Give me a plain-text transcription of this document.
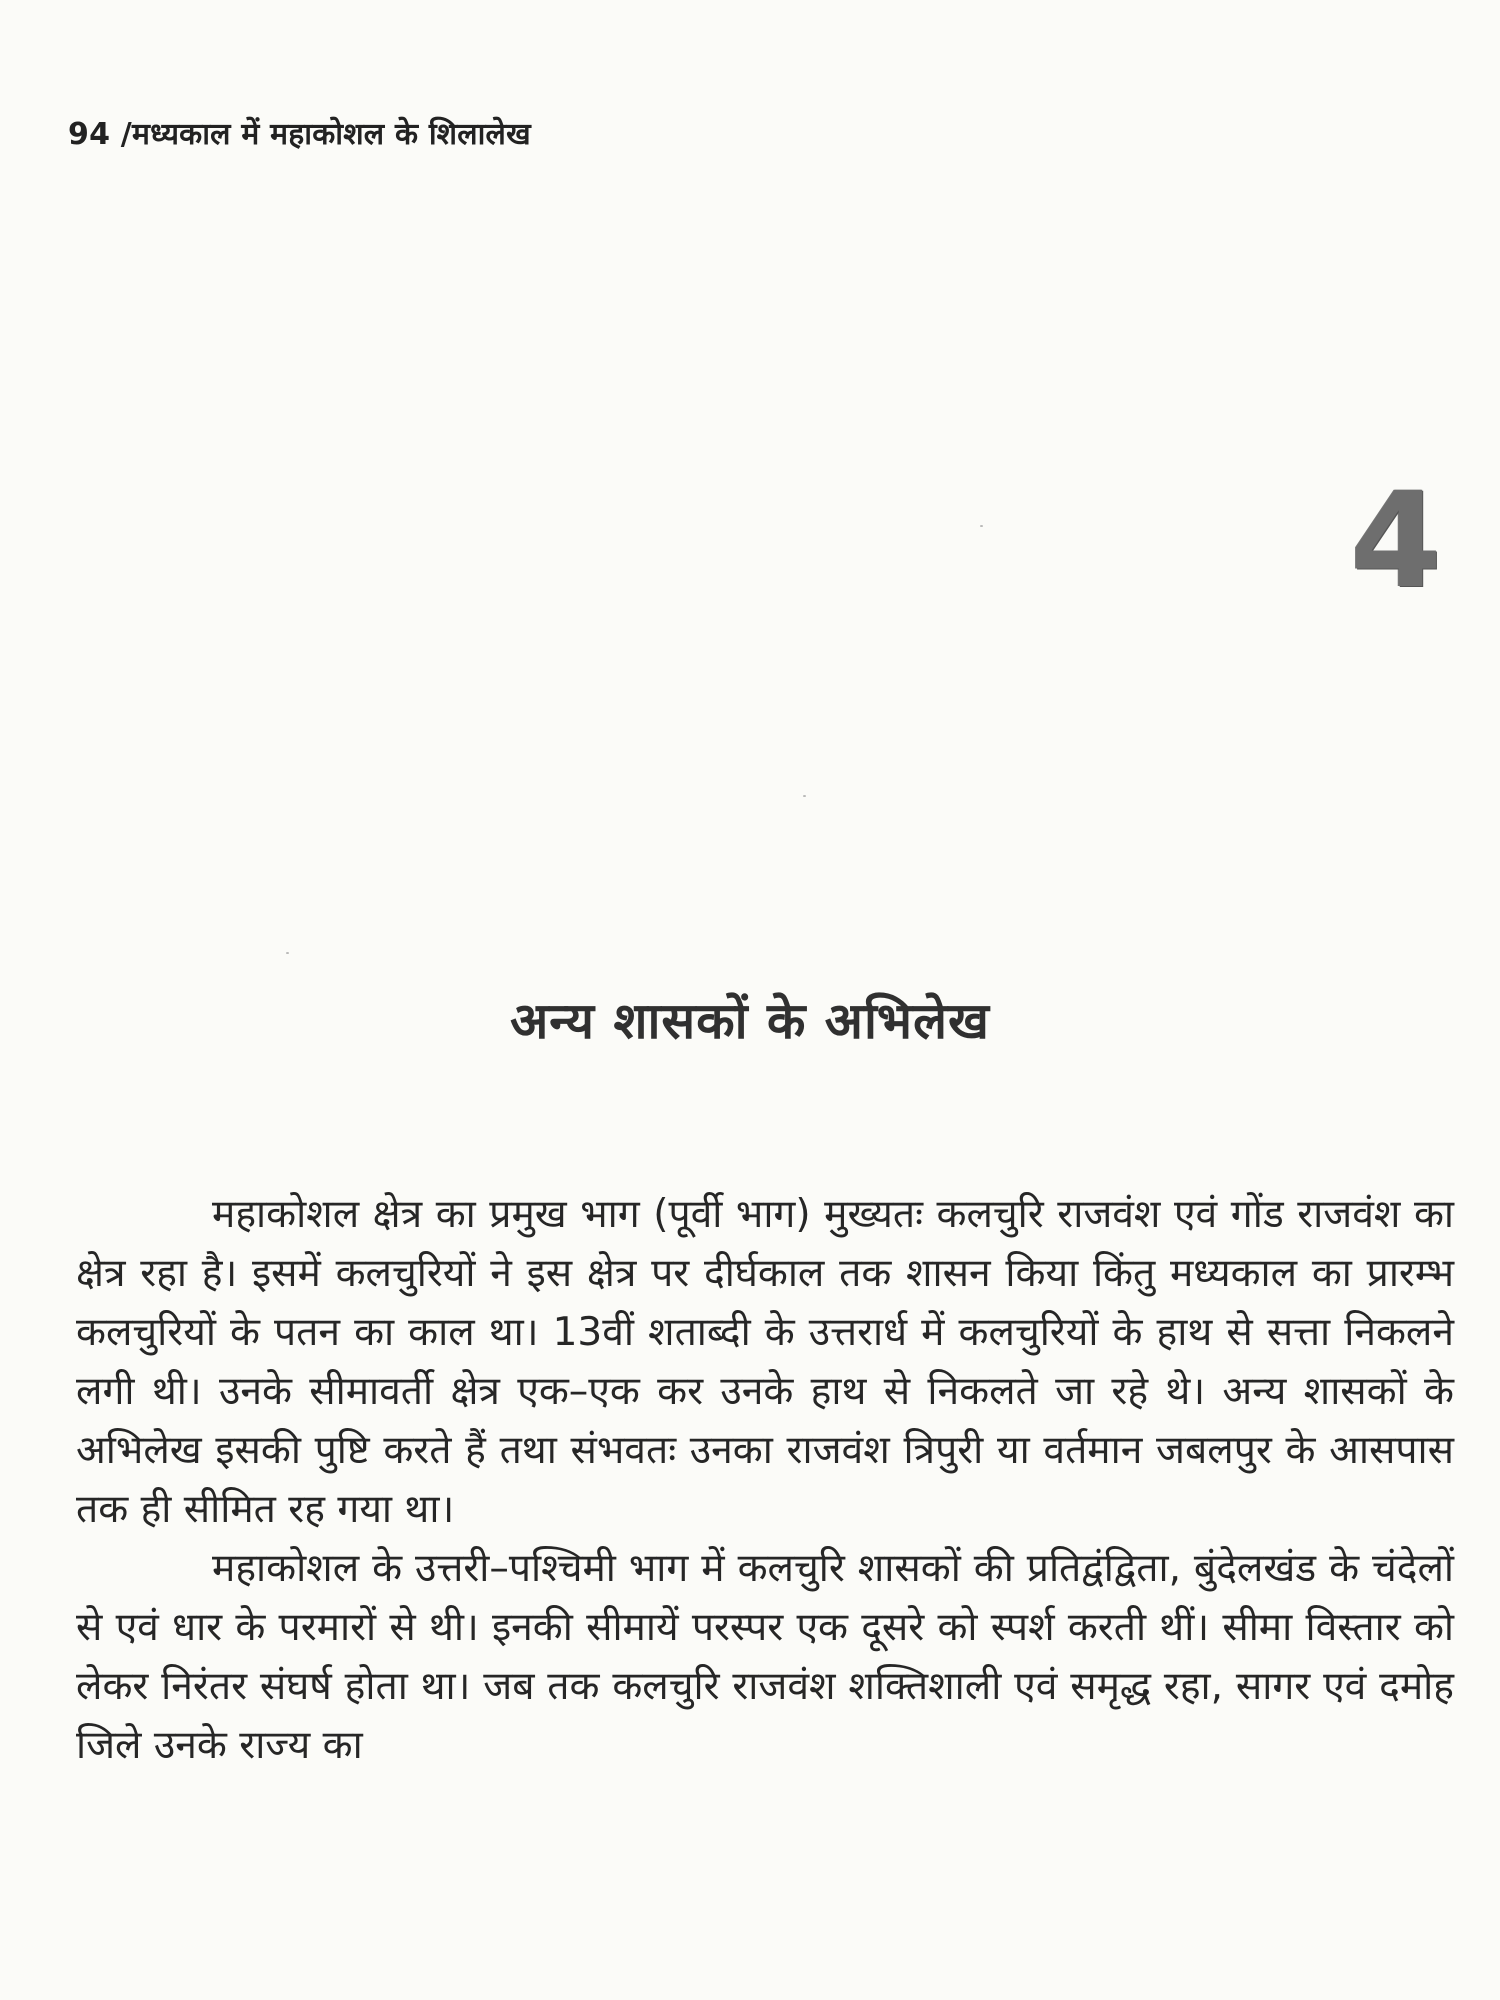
94 /मध्यकाल में महाकोशल के शिलालेख
4
अन्य शासकों के अभिलेख

महाकोशल क्षेत्र का प्रमुख भाग (पूर्वी भाग) मुख्यतः कलचुरि राजवंश एवं गोंड राजवंश का क्षेत्र रहा है। इसमें कलचुरियों ने इस क्षेत्र पर दीर्घकाल तक शासन किया किंतु मध्यकाल का प्रारम्भ कलचुरियों के पतन का काल था। 13वीं शताब्दी के उत्तरार्ध में कलचुरियों के हाथ से सत्ता निकलने लगी थी। उनके सीमावर्ती क्षेत्र एक–एक कर उनके हाथ से निकलते जा रहे थे। अन्य शासकों के अभिलेख इसकी पुष्टि करते हैं तथा संभवतः उनका राजवंश त्रिपुरी या वर्तमान जबलपुर के आसपास तक ही सीमित रह गया था।

महाकोशल के उत्तरी–पश्चिमी भाग में कलचुरि शासकों की प्रतिद्वंद्विता, बुंदेलखंड के चंदेलों से एवं धार के परमारों से थी। इनकी सीमायें परस्पर एक दूसरे को स्पर्श करती थीं। सीमा विस्तार को लेकर निरंतर संघर्ष होता था। जब तक कलचुरि राजवंश शक्तिशाली एवं समृद्ध रहा, सागर एवं दमोह जिले उनके राज्य का
